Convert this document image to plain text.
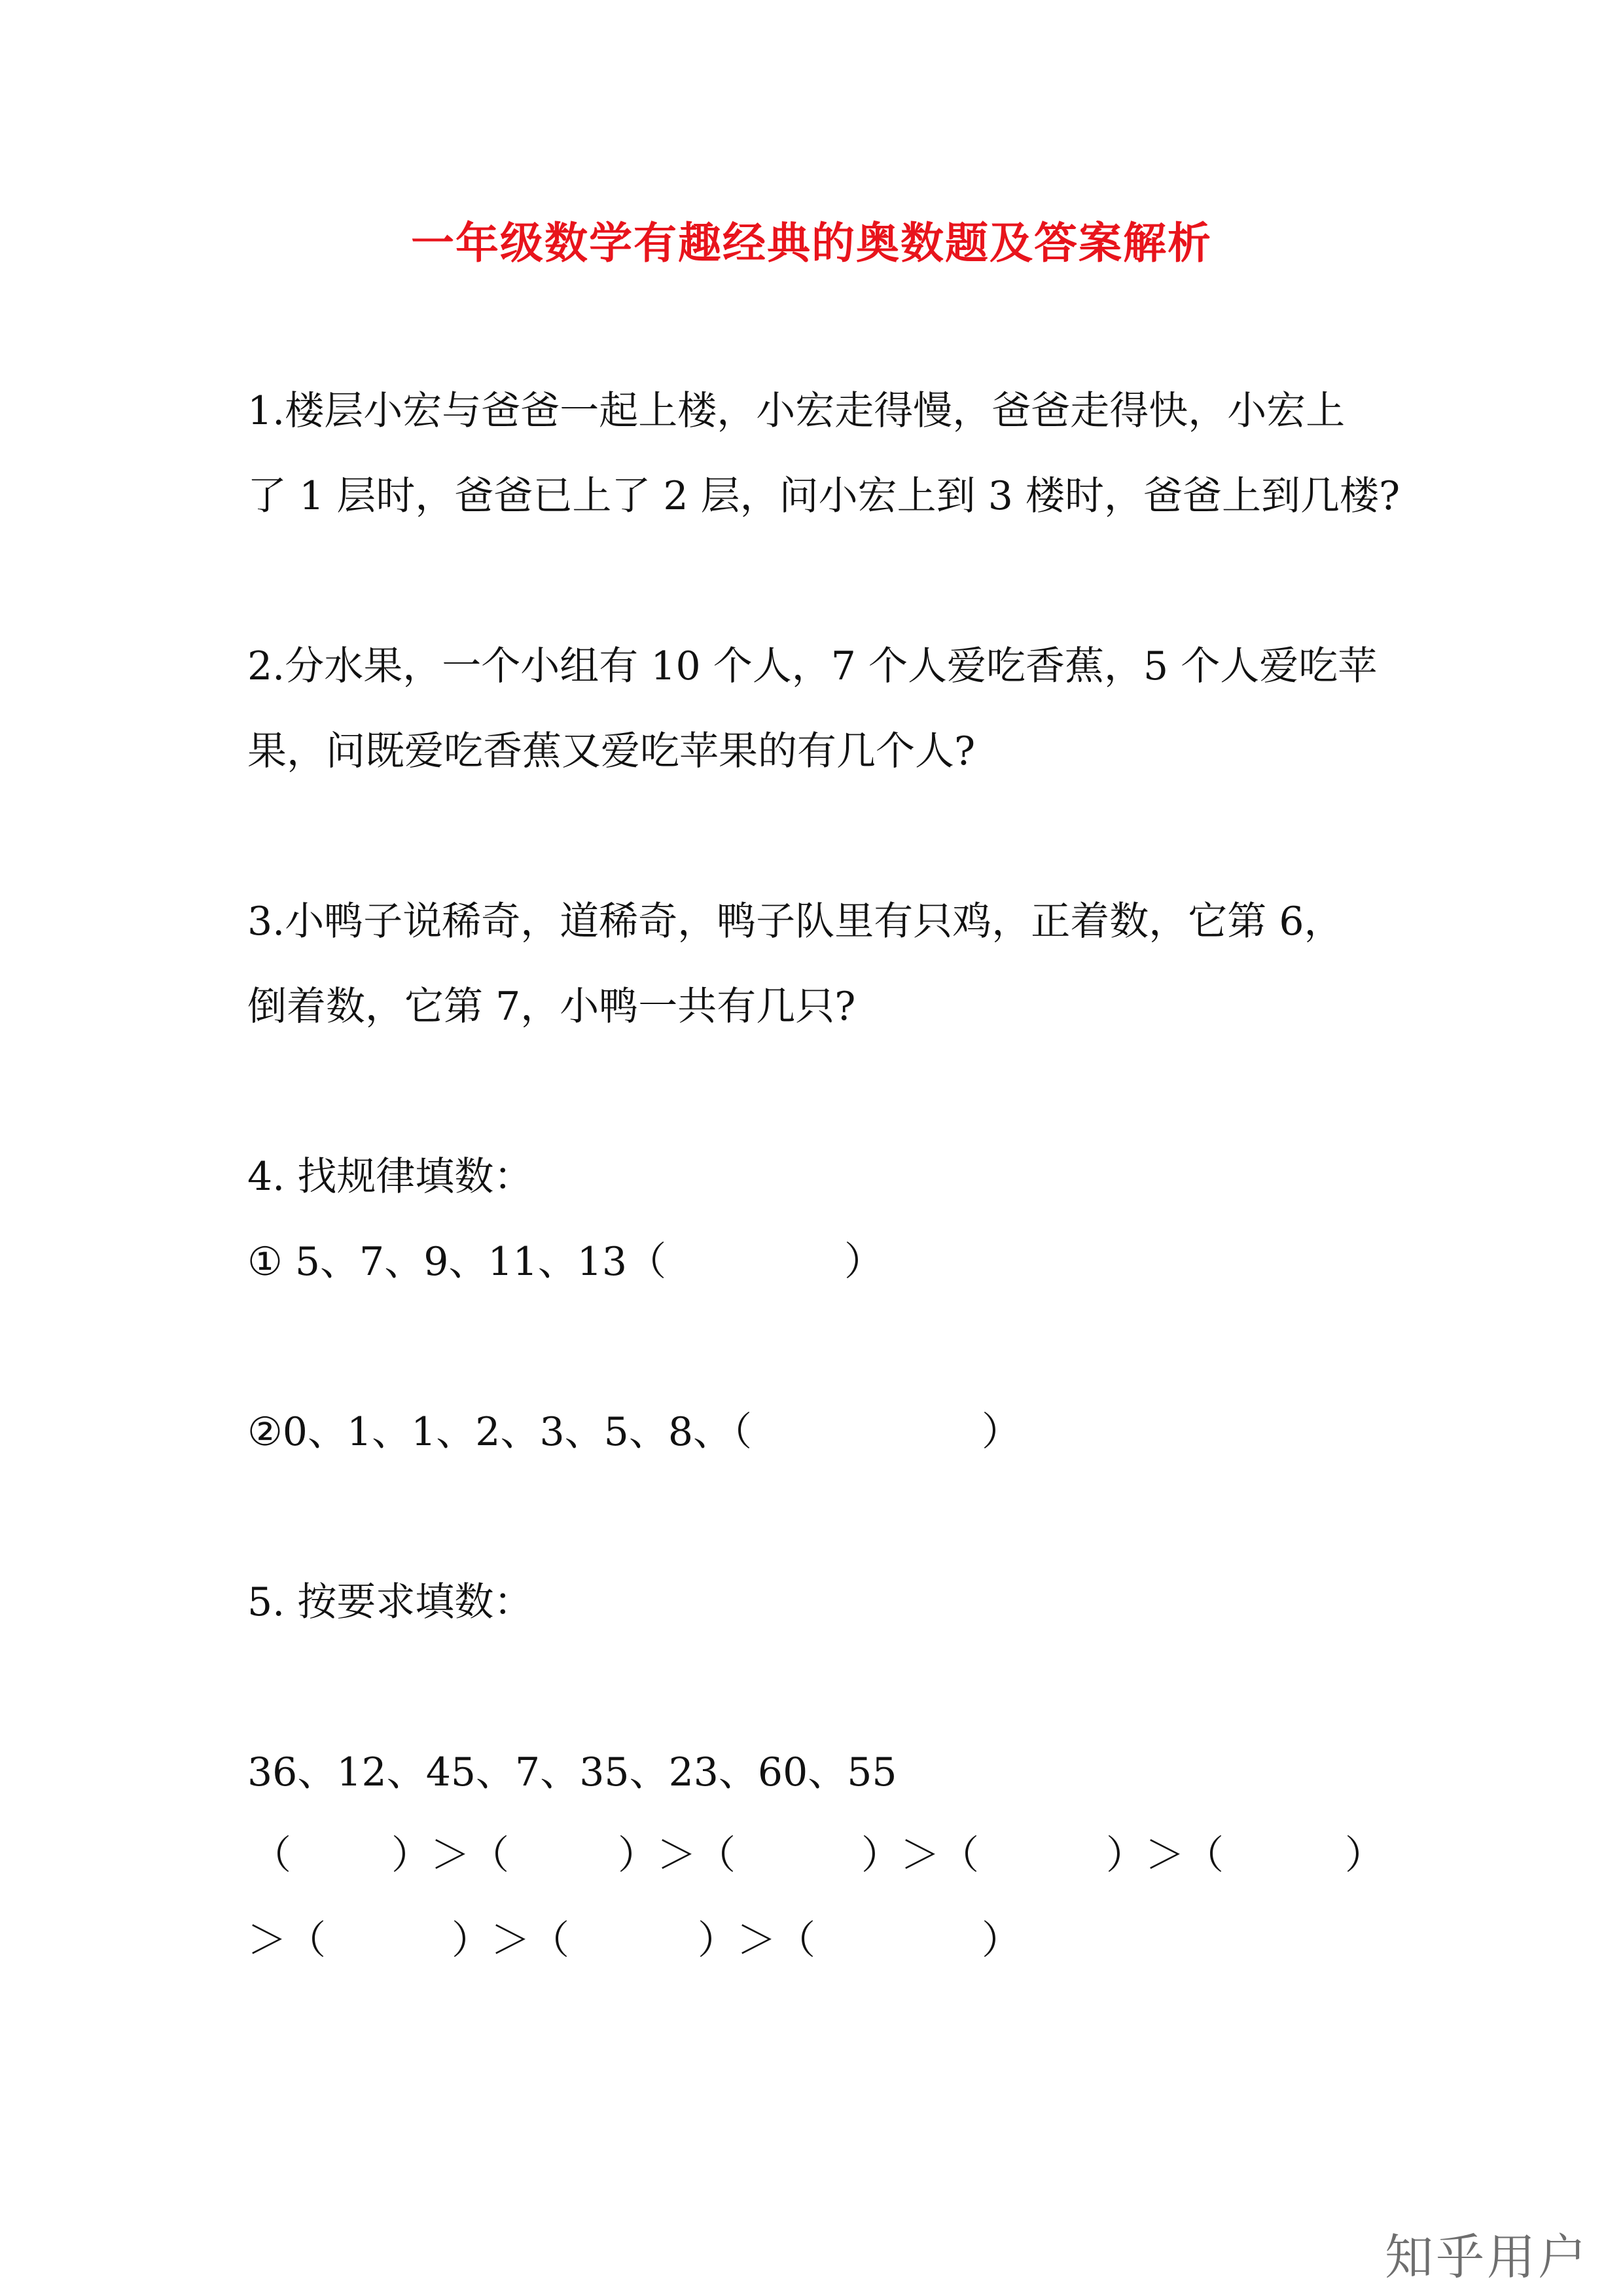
一年级数学有趣经典的奥数题及答案解析
1.楼层小宏与爸爸一起上楼，小宏走得慢，爸爸走得快，小宏上
了 1 层时，爸爸已上了 2 层，问小宏上到 3 楼时，爸爸上到几楼?
2.分水果，一个小组有 10 个人，7 个人爱吃香蕉，5 个人爱吃苹
果，问既爱吃香蕉又爱吃苹果的有几个人?
3.小鸭子说稀奇，道稀奇，鸭子队里有只鸡，正着数，它第 6，
倒着数，它第 7，小鸭一共有几只?
4. 找规律填数：
① 5、7、9、11、13（	）
②0、1、1、2、3、5、8、（	）
5. 按要求填数：
36、12、45、7、35、23、60、55
（	）＞（	）＞（	）＞（	）＞（	）
＞（	）＞（	）＞（	）
知乎用户
